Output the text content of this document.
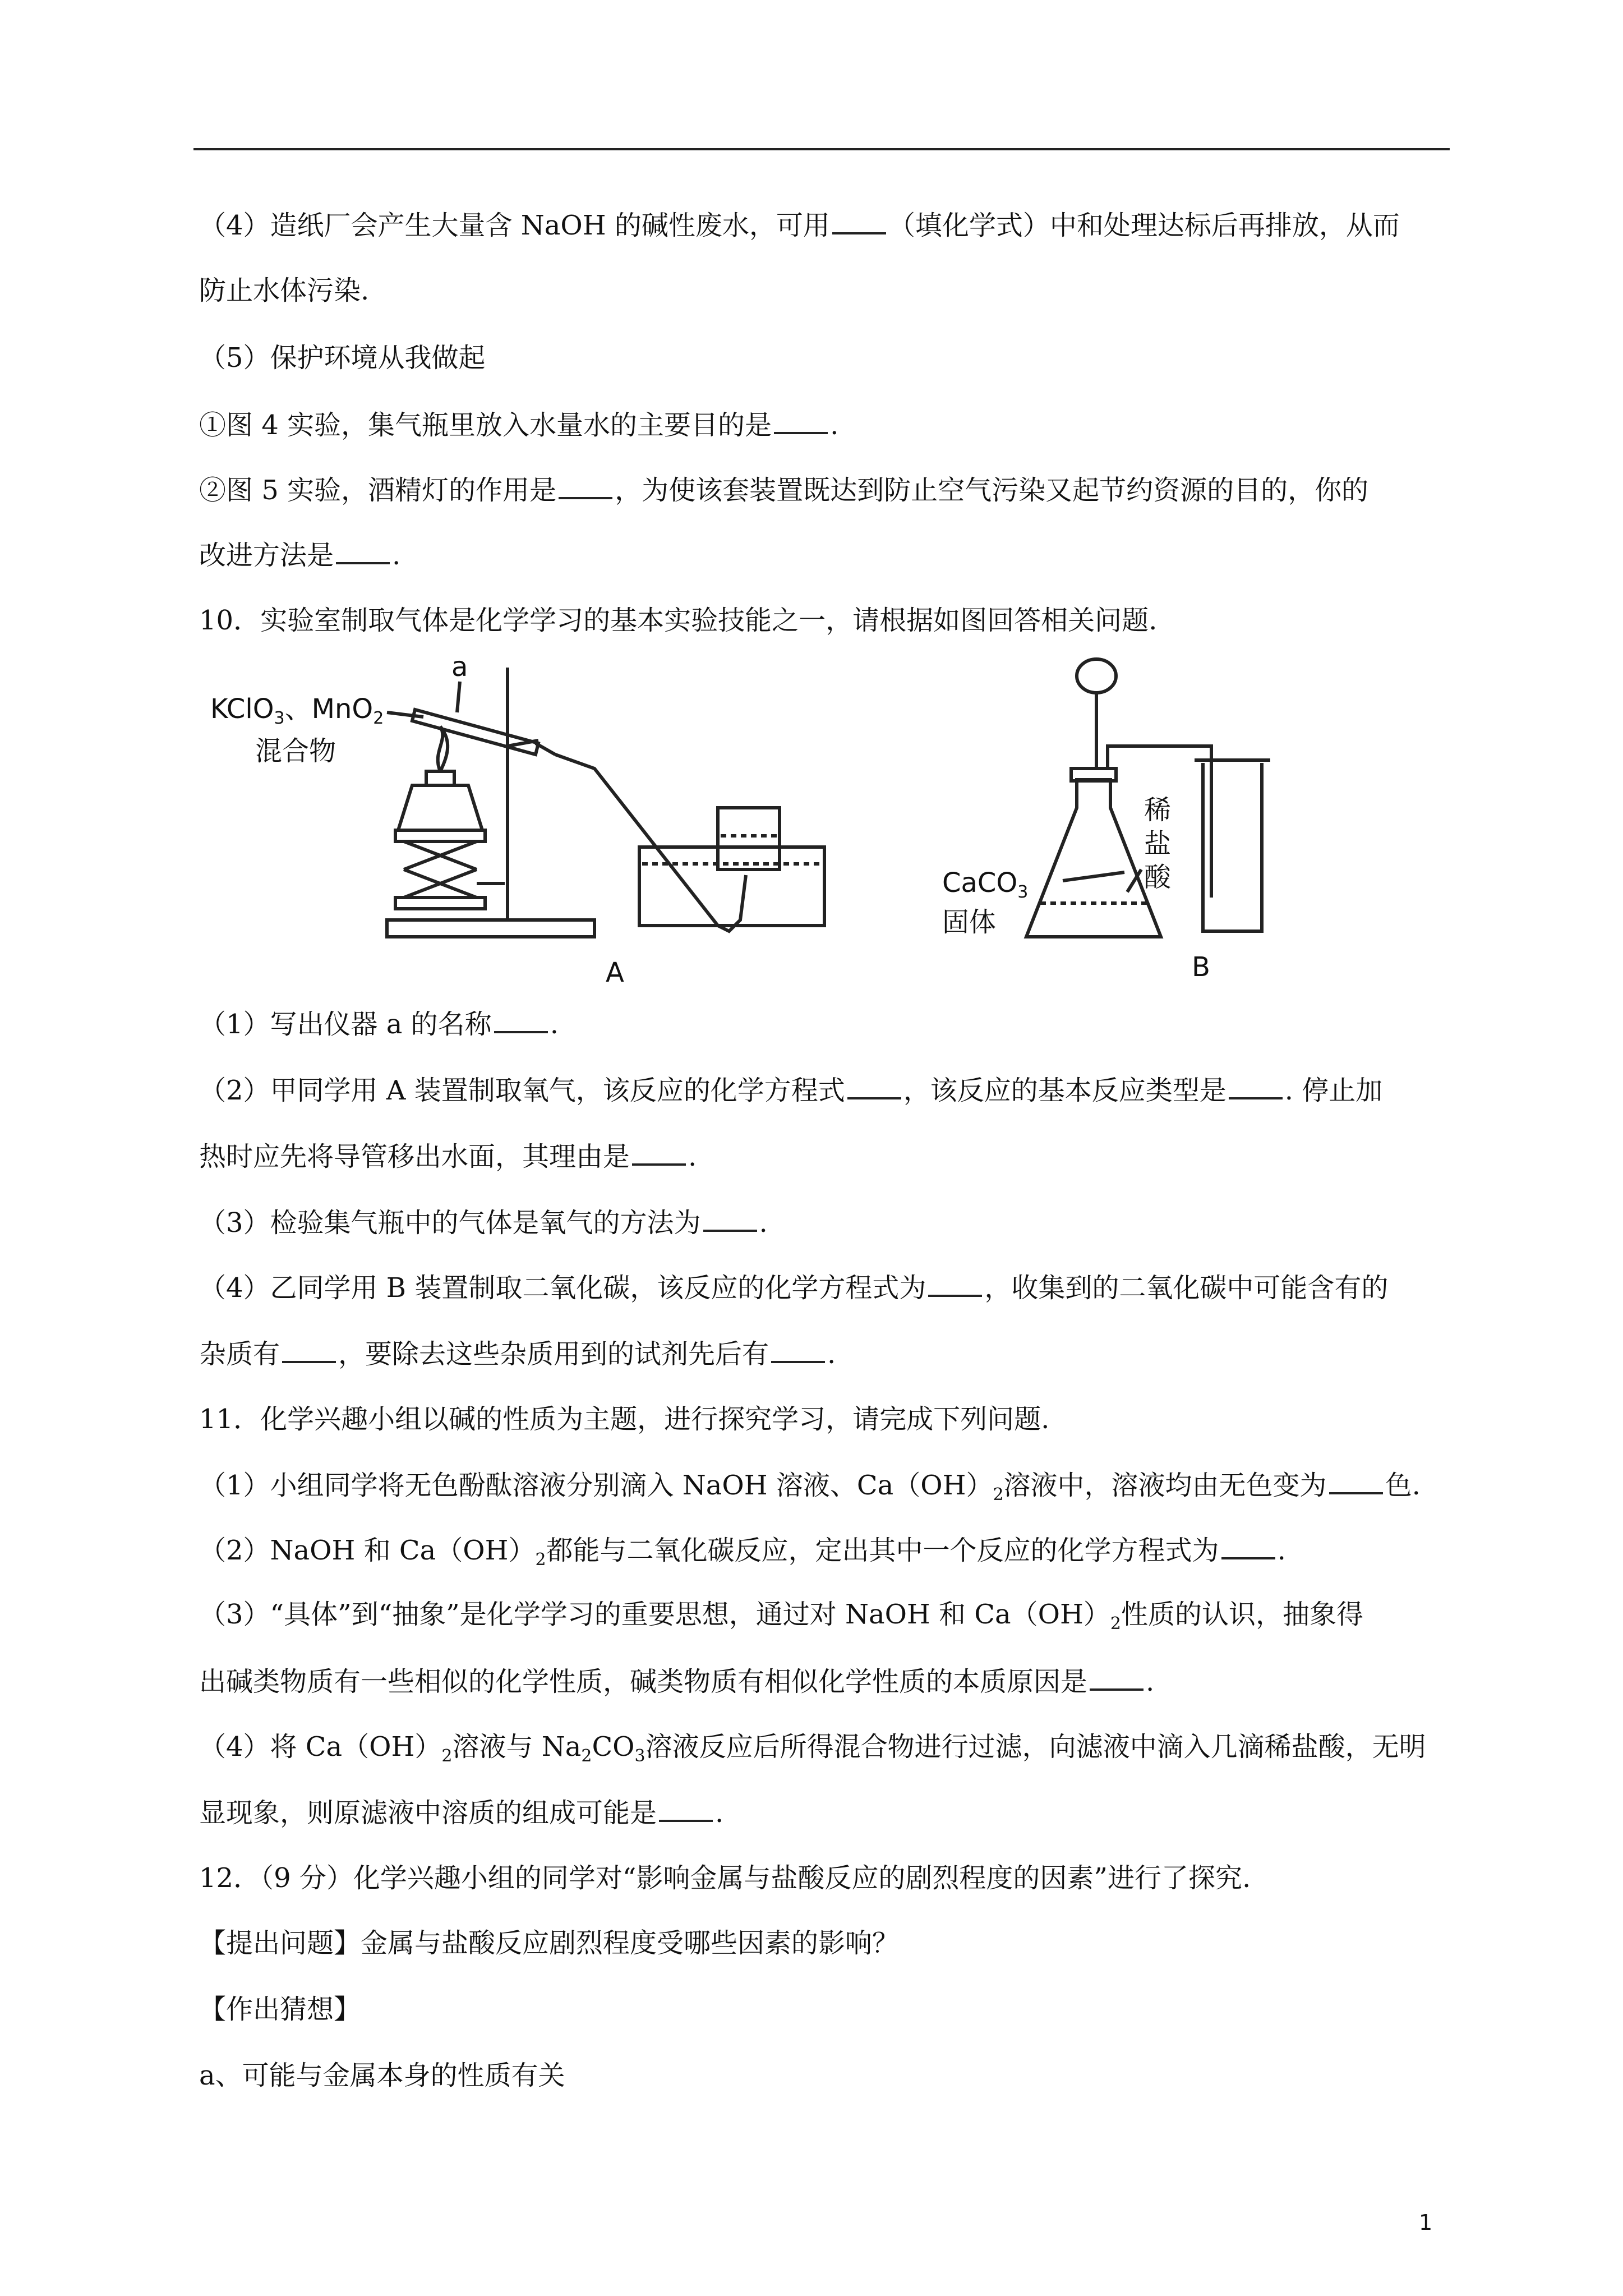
（4）造纸厂会产生大量含 NaOH 的碱性废水，可用 （填化学式）中和处理达标后再排放，从而
防止水体污染.
（5）保护环境从我做起
①图 4 实验，集气瓶里放入水量水的主要目的是 .
②图 5 实验，酒精灯的作用是 ，为使该套装置既达到防止空气污染又起节约资源的目的，你的
改进方法是 .
10．实验室制取气体是化学学习的基本实验技能之一，请根据如图回答相关问题.
a
KClO$_3$、MnO$_2$
混合物
A
CaCO$_3$
固体
稀
盐
酸
B
（1）写出仪器 a 的名称 .
（2）甲同学用 A 装置制取氧气，该反应的化学方程式 ，该反应的基本反应类型是 . 停止加
热时应先将导管移出水面，其理由是 .
（3）检验集气瓶中的气体是氧气的方法为 .
（4）乙同学用 B 装置制取二氧化碳，该反应的化学方程式为 ，收集到的二氧化碳中可能含有的
杂质有 ，要除去这些杂质用到的试剂先后有 .
11．化学兴趣小组以碱的性质为主题，进行探究学习，请完成下列问题.
（1）小组同学将无色酚酞溶液分别滴入 NaOH 溶液、$Ca(OH)_2$溶液中，溶液均由无色变为 色.
（2）NaOH 和 $Ca(OH)_2$都能与二氧化碳反应，定出其中一个反应的化学方程式为 .
（3）“具体”到“抽象”是化学学习的重要思想，通过对 NaOH 和 $Ca(OH)_2$性质的认识，抽象得
出碱类物质有一些相似的化学性质，碱类物质有相似化学性质的本质原因是 .
（4）将 $Ca(OH)_2$溶液与 $Na_2CO_3$溶液反应后所得混合物进行过滤，向滤液中滴入几滴稀盐酸，无明
显现象，则原滤液中溶质的组成可能是 .
12．（9 分）化学兴趣小组的同学对“影响金属与盐酸反应的剧烈程度的因素”进行了探究.
【提出问题】金属与盐酸反应剧烈程度受哪些因素的影响？
【作出猜想】
a、可能与金属本身的性质有关
1
